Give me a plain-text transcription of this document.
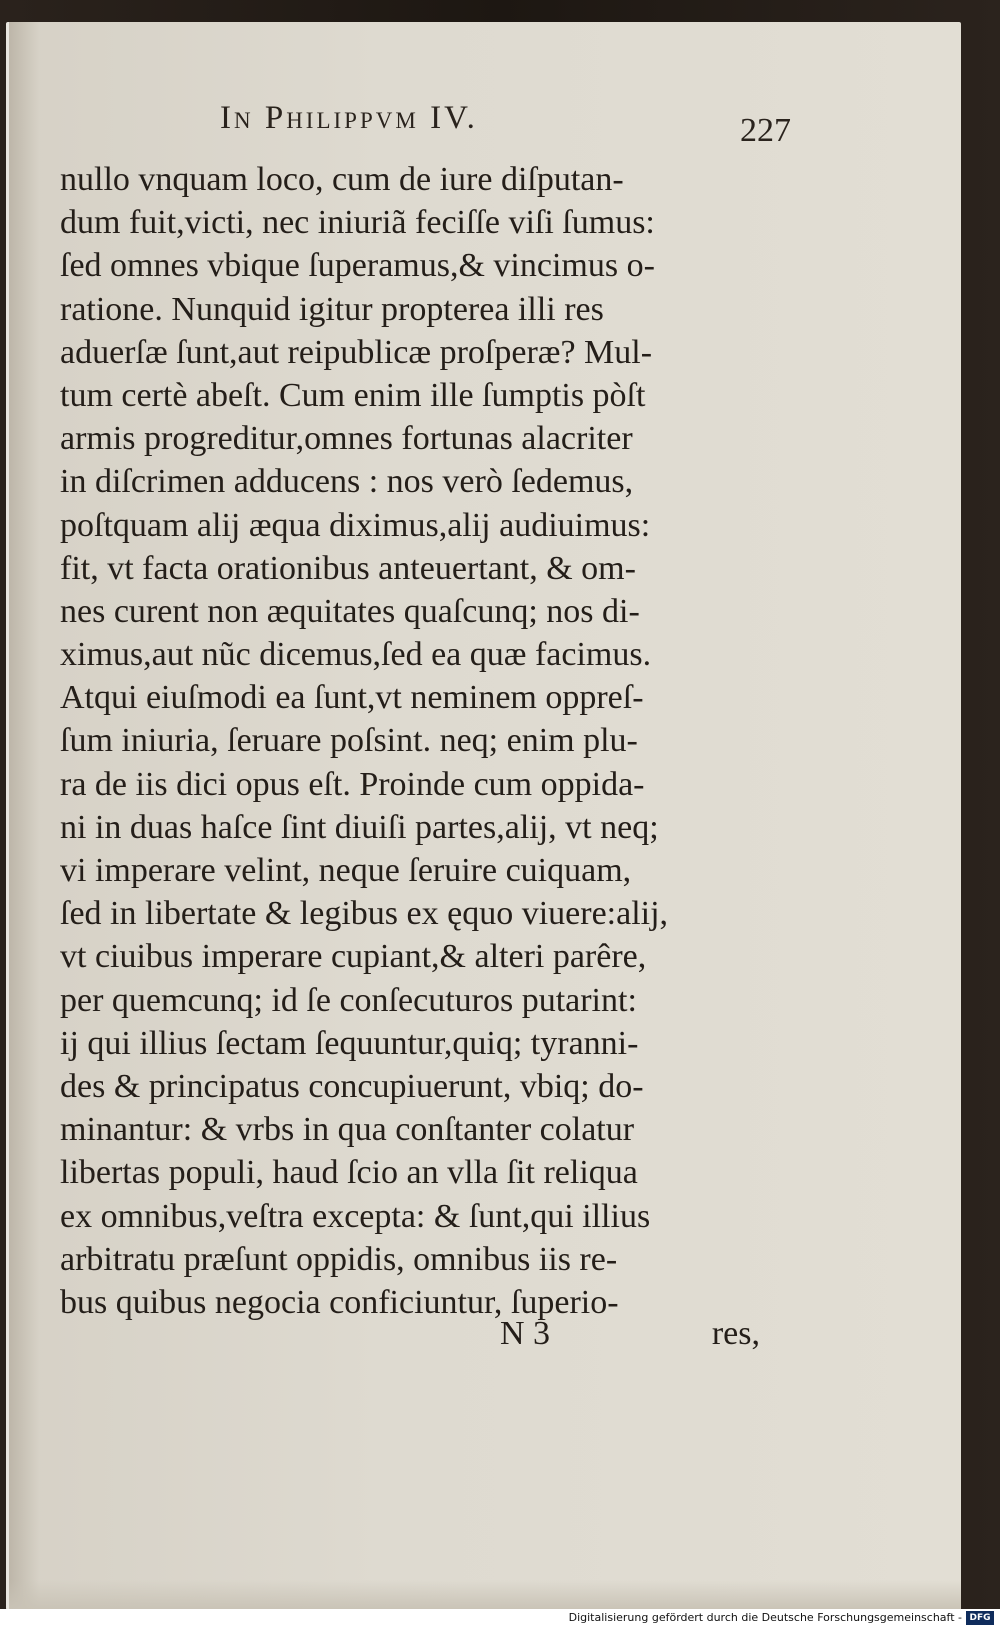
In Philippvm IV.	227
nullo vnquam loco, cum de iure diſputan-
dum fuit,victi, nec iniuriã feciſſe viſi ſumus:
ſed omnes vbique ſuperamus,& vincimus o-
ratione. Nunquid igitur propterea illi res
aduerſæ ſunt,aut reipublicæ proſperæ? Mul-
tum certè abeſt. Cum enim ille ſumptis pòſt
armis progreditur,omnes fortunas alacriter
in diſcrimen adducens : nos verò ſedemus,
poſtquam alij æqua diximus,alij audiuimus:
fit, vt facta orationibus anteuertant, & om-
nes curent non æquitates quaſcunq; nos di-
ximus,aut nũc dicemus,ſed ea quæ facimus.
Atqui eiuſmodi ea ſunt,vt neminem oppreſ-
ſum iniuria, ſeruare poſsint. neq; enim plu-
ra de iis dici opus eſt. Proinde cum oppida-
ni in duas haſce ſint diuiſi partes,alij, vt neq;
vi imperare velint, neque ſeruire cuiquam,
ſed in libertate & legibus ex ęquo viuere:alij,
vt ciuibus imperare cupiant,& alteri parêre,
per quemcunq; id ſe conſecuturos putarint:
ij qui illius ſectam ſequuntur,quiq; tyranni-
des & principatus concupiuerunt, vbiq; do-
minantur: & vrbs in qua conſtanter colatur
libertas populi, haud ſcio an vlla ſit reliqua
ex omnibus,veſtra excepta: & ſunt,qui illius
arbitratu præſunt oppidis, omnibus iis re-
bus quibus negocia conficiuntur, ſuperio-
N 3	res,
Digitalisierung gefördert durch die Deutsche Forschungsgemeinschaft - DFG
